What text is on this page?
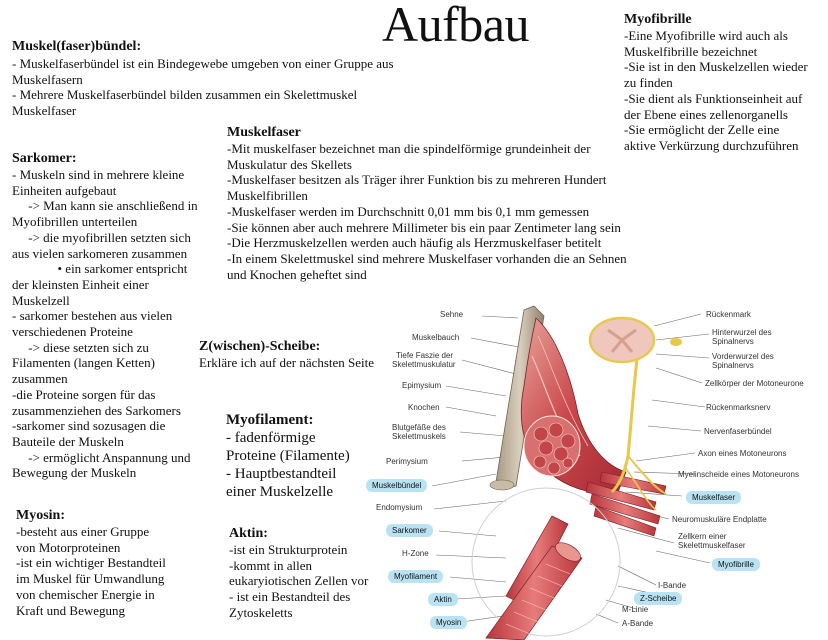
Aufbau
Muskel(faser)bündel:
- Muskelfaserbündel ist ein Bindegewebe umgeben von einer Gruppe aus
Muskelfasern
- Mehrere Muskelfaserbündel bilden zusammen ein Skelettmuskel
Muskelfaser
Sarkomer:
- Muskeln sind in mehrere kleine
Einheiten aufgebaut
-> Man kann sie anschließend in
Myofibrillen unterteilen
-> die myofibrillen setzten sich
aus vielen sarkomeren zusammen
• ein sarkomer entspricht
der kleinsten Einheit einer
Muskelzell
- sarkomer bestehen aus vielen
verschiedenen Proteine
-> diese setzten sich zu
Filamenten (langen Ketten)
zusammen
-die Proteine sorgen für das
zusammenziehen des Sarkomers
-sarkomer sind sozusagen die
Bauteile der Muskeln
-> ermöglicht Anspannung und
Bewegung der Muskeln
Myosin:
-besteht aus einer Gruppe
von Motorproteinen
-ist ein wichtiger Bestandteil
im Muskel für Umwandlung
von chemischer Energie in
Kraft und Bewegung
Muskelfaser
-Mit muskelfaser bezeichnet man die spindelförmige grundeinheit der
Muskulatur des Skellets
-Muskelfaser besitzen als Träger ihrer Funktion bis zu mehreren Hundert
Muskelfibrillen
-Muskelfaser werden im Durchschnitt 0,01 mm bis 0,1 mm gemessen
-Sie können aber auch mehrere Millimeter bis ein paar Zentimeter lang sein
-Die Herzmuskelzellen werden auch häufig als Herzmuskelfaser betitelt
-In einem Skelettmuskel sind mehrere Muskelfaser vorhanden die an Sehnen
und Knochen geheftet sind
Z(wischen)-Scheibe:
Erkläre ich auf der nächsten Seite
Myofilament:
- fadenförmige
Proteine (Filamente)
- Hauptbestandteil
einer Muskelzelle
Aktin:
-ist ein Strukturprotein
-kommt in allen
eukaryiotischen Zellen vor
- ist ein Bestandteil des
Zytoskeletts
Myofibrille
-Eine Myofibrille wird auch als
Muskelfibrille bezeichnet
-Sie ist in den Muskelzellen wieder
zu finden
-Sie dient als Funktionseinheit auf
der Ebene eines zellenorganells
-Sie ermöglicht der Zelle eine
aktive Verkürzung durchzuführen
Sehne
Muskelbauch
Tiefe Faszie der
Skelettmuskulatur
Epimysium
Knochen
Blutgefäße des
Skelettmuskels
Perimysium
Muskelbündel
Endomysium
Sarkomer
H-Zone
Myofilament
Aktin
Myosin
Rückenmark
Hinterwurzel des
Spinalnervs
Vorderwurzel des
Spinalnervs
Zellkörper der Motoneurone
Rückenmarksnerv
Nervenfaserbündel
Axon eines Motoneurons
Myelinscheide eines Motoneurons
Muskelfaser
Neuromuskuläre Endplatte
Zellkern einer
Skelettmuskelfaser
Myofibrille
I-Bande
Z-Scheibe
M-Linie
A-Bande
